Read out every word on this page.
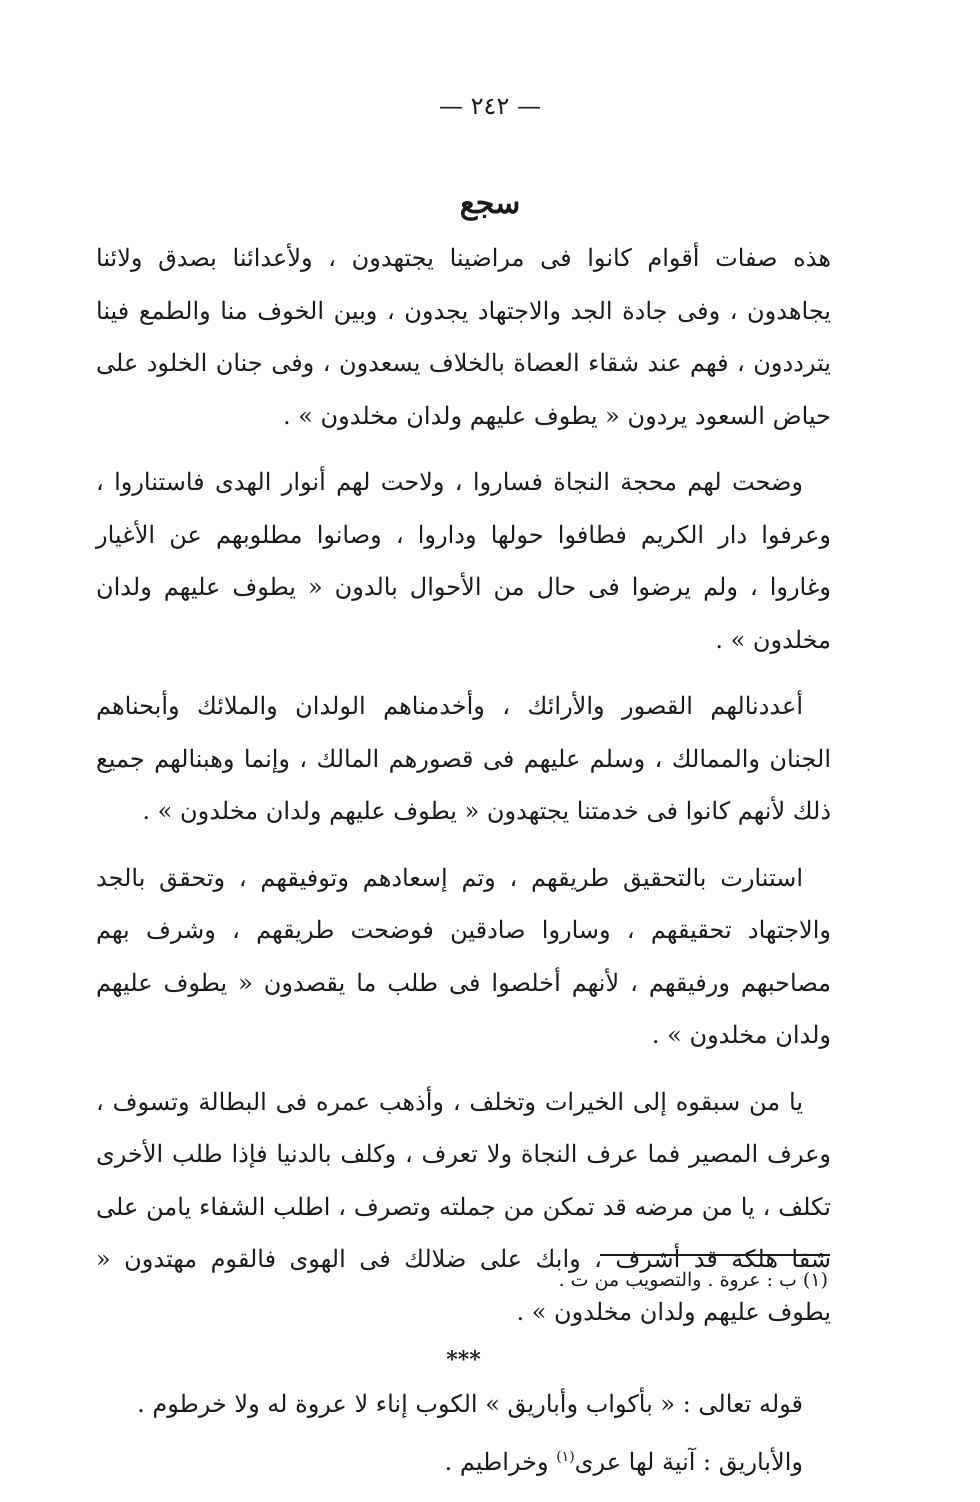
— ٢٤٢ —
سجع

هذه صفات أقوام كانوا فى مراضينا يجتهدون ، ولأعدائنا بصدق ولائنا يجاهدون ، وفى جادة الجد والاجتهاد يجدون ، وبين الخوف منا والطمع فينا يترددون ، فهم عند شقاء العصاة بالخلاف يسعدون ، وفى جنان الخلود على حياض السعود يردون « يطوف عليهم ولدان مخلدون » .

وضحت لهم محجة النجاة فساروا ، ولاحت لهم أنوار الهدى فاستناروا ، وعرفوا دار الكريم فطافوا حولها وداروا ، وصانوا مطلوبهم عن الأغيار وغاروا ، ولم يرضوا فى حال من الأحوال بالدون « يطوف عليهم ولدان مخلدون » .

أعددنالهم القصور والأرائك ، وأخدمناهم الولدان والملائك وأبحناهم الجنان والممالك ، وسلم عليهم فى قصورهم المالك ، وإنما وهبنالهم جميع ذلك لأنهم كانوا فى خدمتنا يجتهدون « يطوف عليهم ولدان مخلدون » .

استنارت بالتحقيق طريقهم ، وتم إسعادهم وتوفيقهم ، وتحقق بالجد والاجتهاد تحقيقهم ، وساروا صادقين فوضحت طريقهم ، وشرف بهم مصاحبهم ورفيقهم ، لأنهم أخلصوا فى طلب ما يقصدون « يطوف عليهم ولدان مخلدون » .

يا من سبقوه إلى الخيرات وتخلف ، وأذهب عمره فى البطالة وتسوف ، وعرف المصير فما عرف النجاة ولا تعرف ، وكلف بالدنيا فإذا طلب الأخرى تكلف ، يا من مرضه قد تمكن من جملته وتصرف ، اطلب الشفاء يامن على شفا هلكة قد أشرف ، وابك على ضلالك فى الهوى فالقوم مهتدون « يطوف عليهم ولدان مخلدون » .

***

قوله تعالى : « بأكواب وأباريق » الكوب إناء لا عروة له ولا خرطوم .

والأباريق : آنية لها عرى$^{(١)}$ وخراطيم .

(١) ب : عروة . والتصويب من ت .
